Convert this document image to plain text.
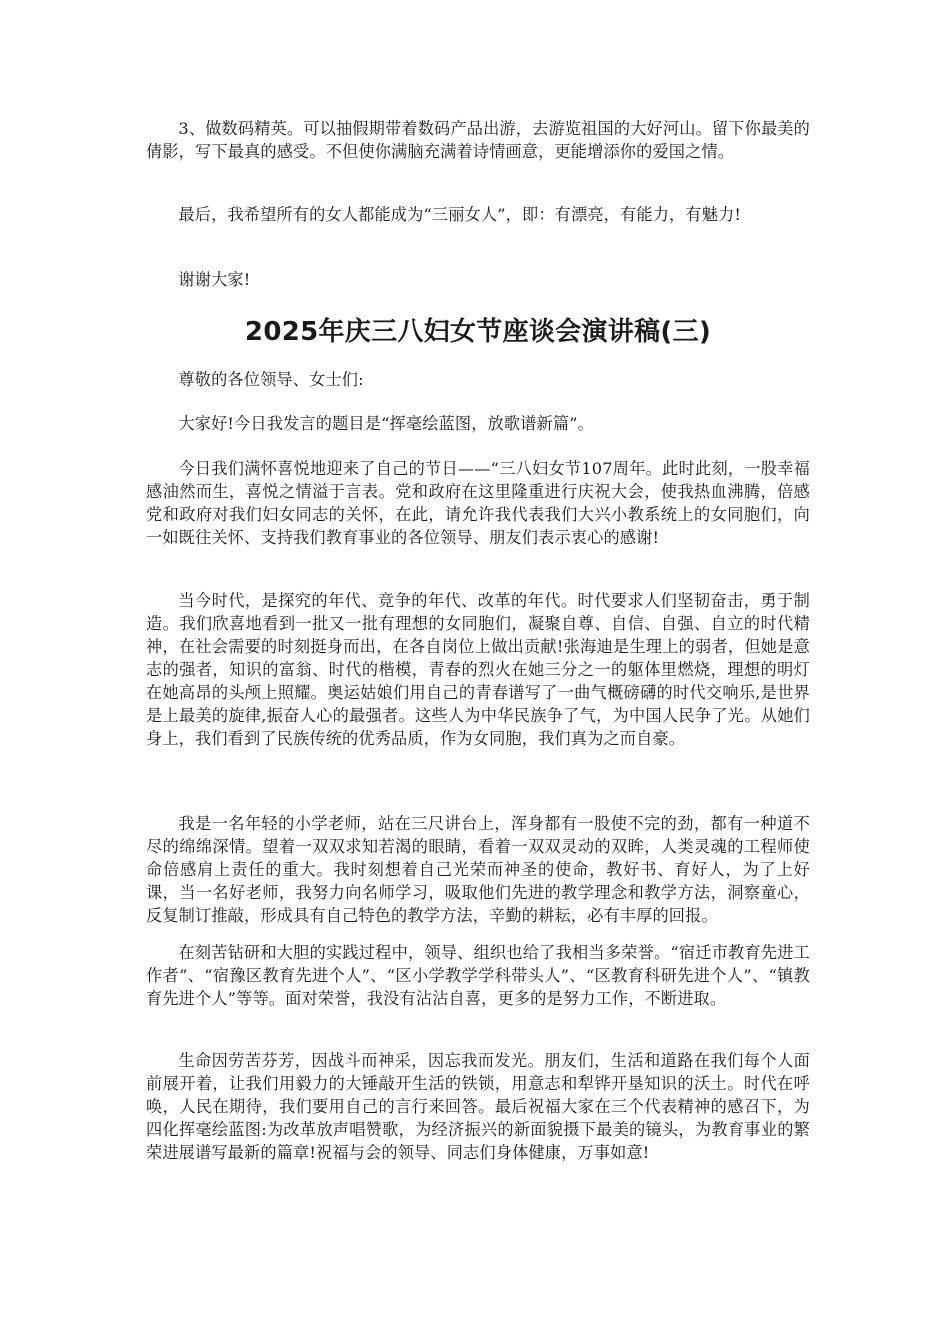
3、做数码精英。可以抽假期带着数码产品出游，去游览祖国的大好河山。留下你最美的倩影，写下最真的感受。不但使你满脑充满着诗情画意，更能增添你的爱国之情。

最后，我希望所有的女人都能成为“三丽女人”，即：有漂亮，有能力，有魅力!

谢谢大家!

2025年庆三八妇女节座谈会演讲稿(三)

尊敬的各位领导、女士们:

大家好!今日我发言的题目是“挥毫绘蓝图，放歌谱新篇”。

今日我们满怀喜悦地迎来了自己的节日——“三八妇女节107周年。此时此刻，一股幸福感油然而生，喜悦之情溢于言表。党和政府在这里隆重进行庆祝大会，使我热血沸腾，倍感党和政府对我们妇女同志的关怀，在此，请允许我代表我们大兴小教系统上的女同胞们，向一如既往关怀、支持我们教育事业的各位领导、朋友们表示衷心的感谢!

当今时代，是探究的年代、竞争的年代、改革的年代。时代要求人们坚韧奋击，勇于制造。我们欣喜地看到一批又一批有理想的女同胞们，凝聚自尊、自信、自强、自立的时代精神，在社会需要的时刻挺身而出，在各自岗位上做出贡献!张海迪是生理上的弱者，但她是意志的强者，知识的富翁、时代的楷模，青春的烈火在她三分之一的躯体里燃烧，理想的明灯在她高昂的头颅上照耀。奥运姑娘们用自己的青春谱写了一曲气概磅礴的时代交响乐,是世界是上最美的旋律,振奋人心的最强者。这些人为中华民族争了气，为中国人民争了光。从她们身上，我们看到了民族传统的优秀品质，作为女同胞，我们真为之而自豪。

我是一名年轻的小学老师，站在三尺讲台上，浑身都有一股使不完的劲，都有一种道不尽的绵绵深情。望着一双双求知若渴的眼睛，看着一双双灵动的双眸，人类灵魂的工程师使命倍感肩上责任的重大。我时刻想着自己光荣而神圣的使命，教好书、育好人，为了上好课，当一名好老师，我努力向名师学习，吸取他们先进的教学理念和教学方法，洞察童心，反复制订推敲，形成具有自己特色的教学方法，辛勤的耕耘，必有丰厚的回报。

在刻苦钻研和大胆的实践过程中，领导、组织也给了我相当多荣誉。“宿迁市教育先进工作者”、“宿豫区教育先进个人”、“区小学教学学科带头人”、“区教育科研先进个人”、“镇教育先进个人”等等。面对荣誉，我没有沾沾自喜，更多的是努力工作，不断进取。

生命因劳苦芬芳，因战斗而神采，因忘我而发光。朋友们，生活和道路在我们每个人面前展开着，让我们用毅力的大锤敲开生活的铁锁，用意志和犁铧开垦知识的沃土。时代在呼唤，人民在期待，我们要用自己的言行来回答。最后祝福大家在三个代表精神的感召下，为四化挥毫绘蓝图:为改革放声唱赞歌，为经济振兴的新面貌摄下最美的镜头，为教育事业的繁荣进展谱写最新的篇章!祝福与会的领导、同志们身体健康，万事如意!
